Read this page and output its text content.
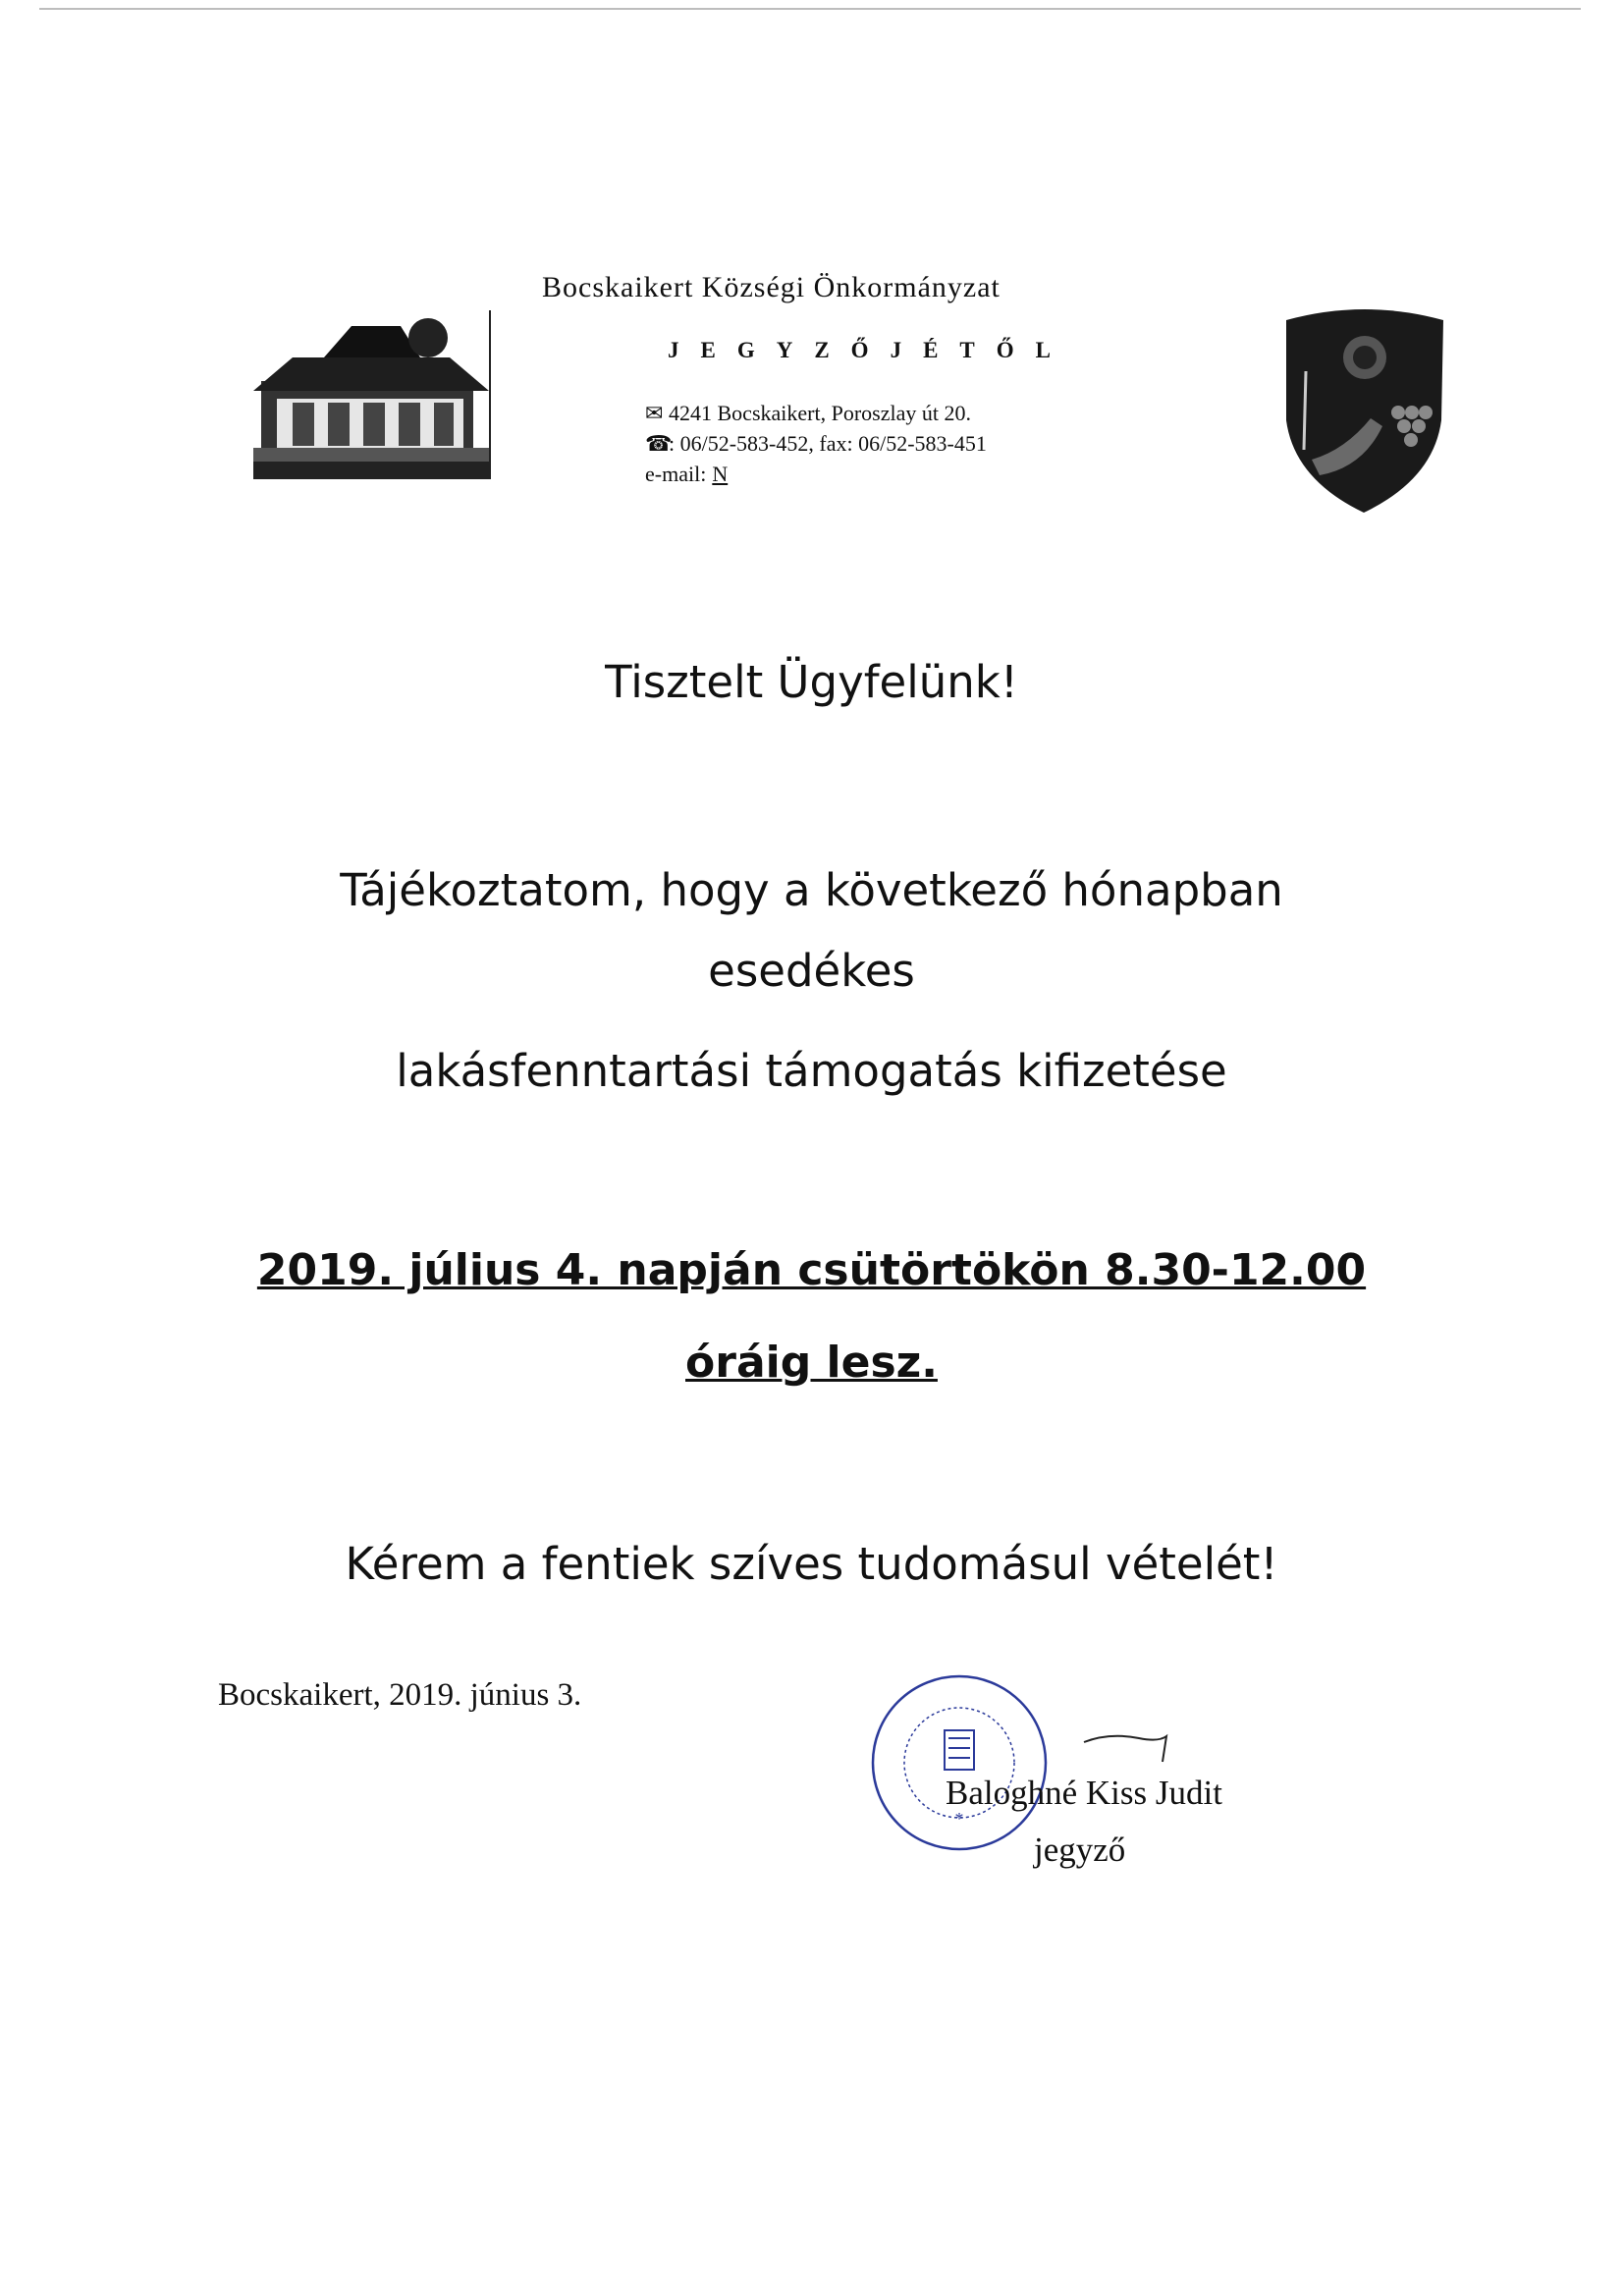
Bocskaikert Községi Önkormányzat
JEGYZŐJÉTŐL
✉ 4241 Bocskaikert, Poroszlay út 20.
☎: 06/52-583-452, fax: 06/52-583-451
e-mail: N
Tisztelt Ügyfelünk!
Tájékoztatom, hogy a következő hónapban
esedékes
lakásfenntartási támogatás kifizetése
2019. július 4. napján csütörtökön 8.30-12.00
óráig lesz.
Kérem a fentiek szíves tudomásul vételét!
Bocskaikert, 2019. június 3.
*
Baloghné Kiss Judit
jegyző
